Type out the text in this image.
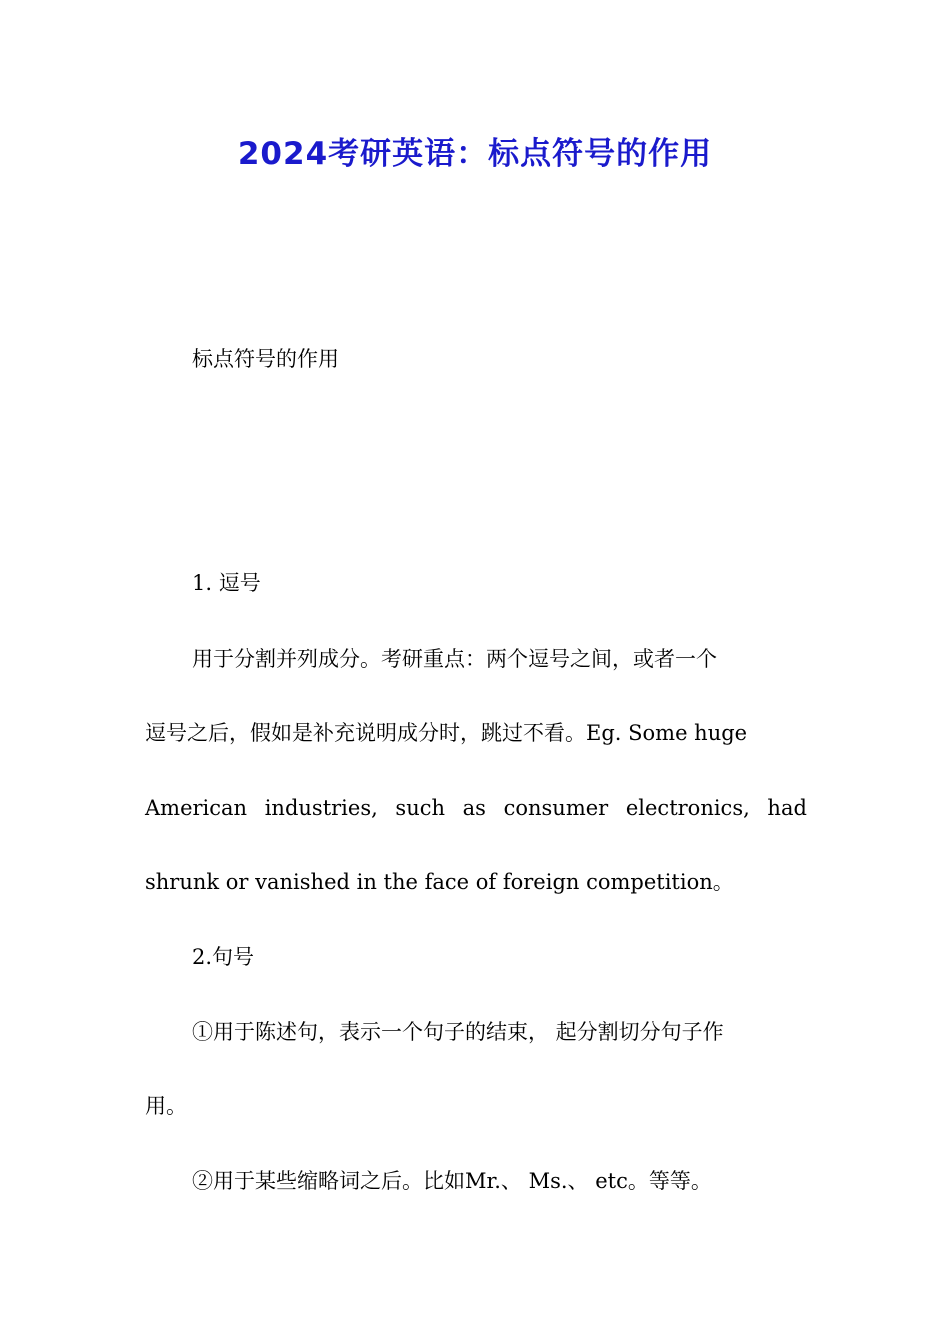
2024考研英语：标点符号的作用
标点符号的作用
1. 逗号
用于分割并列成分。考研重点：两个逗号之间，或者一个
逗号之后，假如是补充说明成分时，跳过不看。Eg. Some huge
American industries, such as consumer electronics, had
shrunk or vanished in the face of foreign competition。
2.句号
①用于陈述句，表示一个句子的结束， 起分割切分句子作
用。
②用于某些缩略词之后。比如Mr.、 Ms.、 etc。等等。
